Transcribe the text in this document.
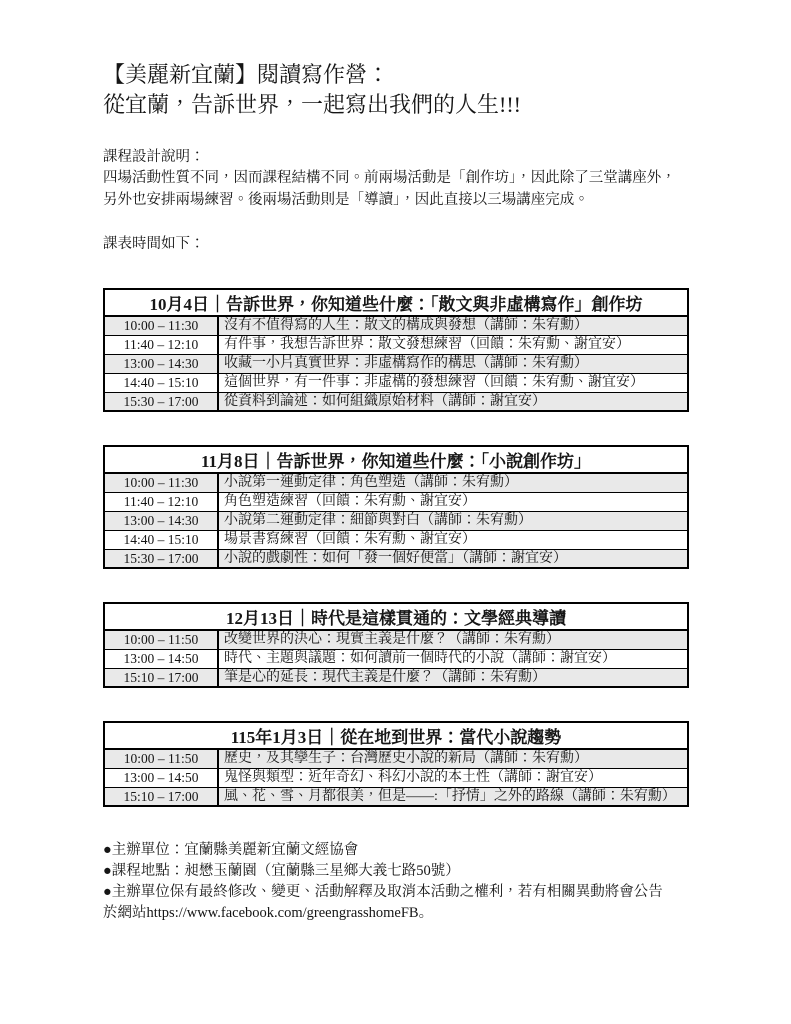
【美麗新宜蘭】閱讀寫作營：
從宜蘭，告訴世界，一起寫出我們的人生!!!
課程設計說明：
四場活動性質不同，因而課程結構不同。前兩場活動是「創作坊」，因此除了三堂講座外，
另外也安排兩場練習。後兩場活動則是「導讀」，因此直接以三場講座完成。
課表時間如下：
10月4日｜告訴世界，你知道些什麼：「散文與非虛構寫作」創作坊	
10:00 – 11:30	沒有不值得寫的人生：散文的構成與發想（講師：朱宥勳）
11:40 – 12:10	有件事，我想告訴世界：散文發想練習（回饋：朱宥勳、謝宜安）
13:00 – 14:30	收藏一小片真實世界：非虛構寫作的構思（講師：朱宥勳）
14:40 – 15:10	這個世界，有一件事：非虛構的發想練習（回饋：朱宥勳、謝宜安）
15:30 – 17:00	從資料到論述：如何組織原始材料（講師：謝宜安）
11月8日｜告訴世界，你知道些什麼：「小說創作坊」	
10:00 – 11:30	小說第一運動定律：角色塑造（講師：朱宥勳）
11:40 – 12:10	角色塑造練習（回饋：朱宥勳、謝宜安）
13:00 – 14:30	小說第二運動定律：細節與對白（講師：朱宥勳）
14:40 – 15:10	場景書寫練習（回饋：朱宥勳、謝宜安）
15:30 – 17:00	小說的戲劇性：如何「發一個好便當」（講師：謝宜安）
12月13日｜時代是這樣貫通的：文學經典導讀	
10:00 – 11:50	改變世界的決心：現實主義是什麼？（講師：朱宥勳）
13:00 – 14:50	時代、主題與議題：如何讀前一個時代的小說（講師：謝宜安）
15:10 – 17:00	筆是心的延長：現代主義是什麼？（講師：朱宥勳）
115年1月3日｜從在地到世界：當代小說趨勢	
10:00 – 11:50	歷史，及其孿生子：台灣歷史小說的新局（講師：朱宥勳）
13:00 – 14:50	鬼怪與類型：近年奇幻、科幻小說的本土性（講師：謝宜安）
15:10 – 17:00	風、花、雪、月都很美，但是——:「抒情」之外的路線（講師：朱宥勳）

●主辦單位：宜蘭縣美麗新宜蘭文經協會

●課程地點：昶懋玉蘭園（宜蘭縣三星鄉大義七路50號）

●主辦單位保有最終修改、變更、活動解釋及取消本活動之權利，若有相關異動將會公告

於網站https://www.facebook.com/greengrasshomeFB。
